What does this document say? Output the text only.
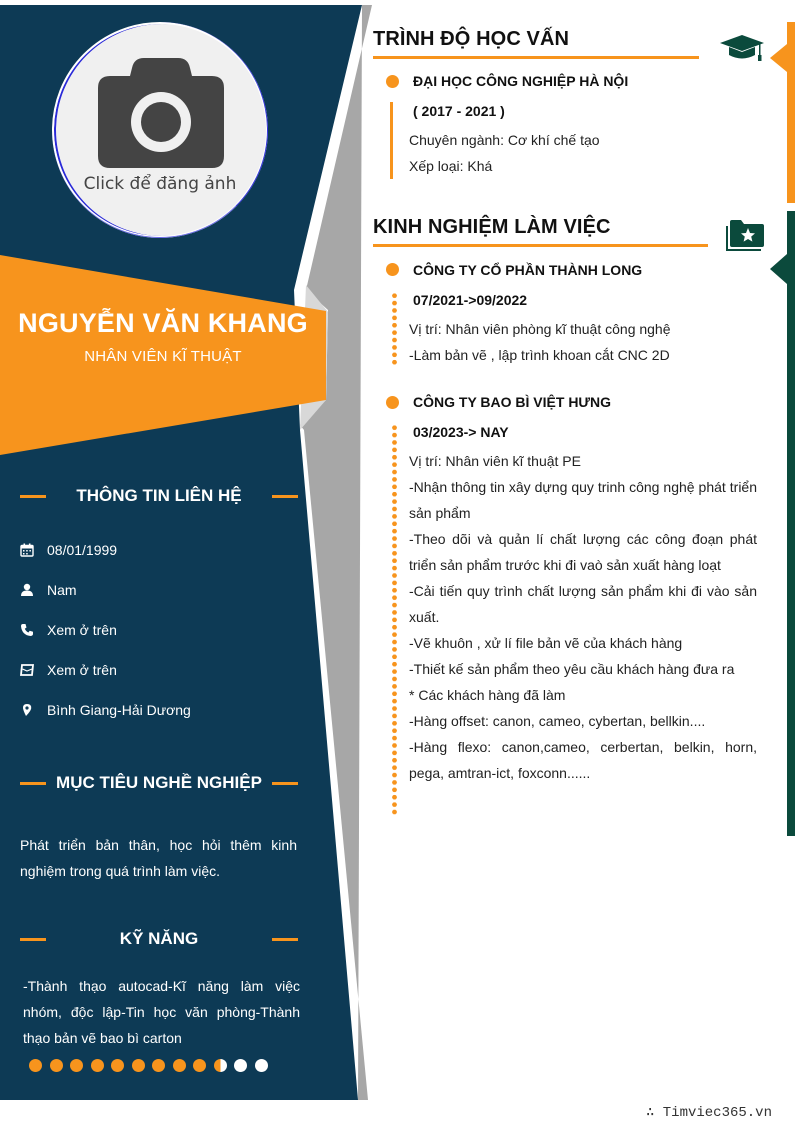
Click để đăng ảnh
NGUYỄN VĂN KHANG
NHÂN VIÊN KĨ THUẬT
THÔNG TIN LIÊN HỆ
08/01/1999
Nam
Xem ở trên
Xem ở trên
Bình Giang-Hải Dương
MỤC TIÊU NGHỀ NGHIỆP
Phát triển bản thân, học hỏi thêm kinh nghiệm trong quá trình làm việc.
KỸ NĂNG
-Thành thạo autocad-Kĩ năng làm việc nhóm, độc lập-Tin học văn phòng-Thành thạo bản vẽ bao bì carton
TRÌNH ĐỘ HỌC VẤN
ĐẠI HỌC CÔNG NGHIỆP HÀ NỘI
( 2017 - 2021 )
Chuyên ngành: Cơ khí chế tạo
Xếp loại: Khá
KINH NGHIỆM LÀM VIỆC
CÔNG TY CỔ PHẦN THÀNH LONG
07/2021->09/2022
Vị trí: Nhân viên phòng kĩ thuật công nghệ
-Làm bản vẽ , lập trình khoan cắt CNC 2D
CÔNG TY BAO BÌ VIỆT HƯNG
03/2023-> NAY
Vị trí: Nhân viên kĩ thuật PE
-Nhận thông tin xây dựng quy trinh công nghệ phát triển sản phẩm
-Theo dõi và quản lí chất lượng các công đoạn phát triển sản phẩm trước khi đi vaò sản xuất hàng loạt
-Cải tiến quy trình chất lượng sản phẩm khi đi vào sản xuất.
-Vẽ khuôn , xử lí file bản vẽ của khách hàng
-Thiết kế sản phẩm theo yêu cầu khách hàng đưa ra
* Các khách hàng đã làm
-Hàng offset: canon, cameo, cybertan, bellkin....
-Hàng flexo: canon,cameo, cerbertan, belkin, horn, pega, amtran-ict, foxconn......
∴ Timviec365.vn
